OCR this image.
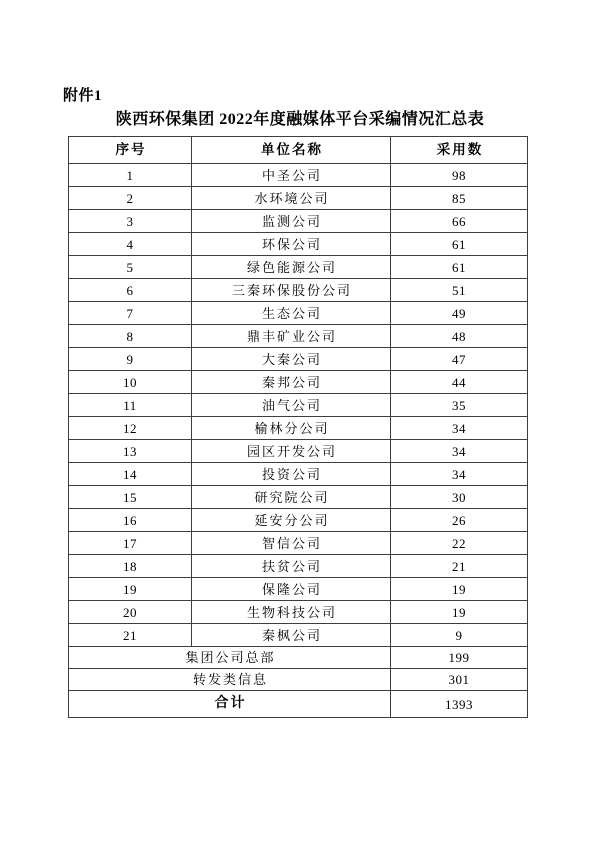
附件1
陕西环保集团 2022年度融媒体平台采编情况汇总表
序号	单位名称	采用数
1	中圣公司	98
2	水环境公司	85
3	监测公司	66
4	环保公司	61
5	绿色能源公司	61
6	三秦环保股份公司	51
7	生态公司	49
8	鼎丰矿业公司	48
9	大秦公司	47
10	秦邦公司	44
11	油气公司	35
12	榆林分公司	34
13	园区开发公司	34
14	投资公司	34
15	研究院公司	30
16	延安分公司	26
17	智信公司	22
18	扶贫公司	21
19	保隆公司	19
20	生物科技公司	19
21	秦枫公司	9
集团公司总部		199
转发类信息		301
合计		1393
